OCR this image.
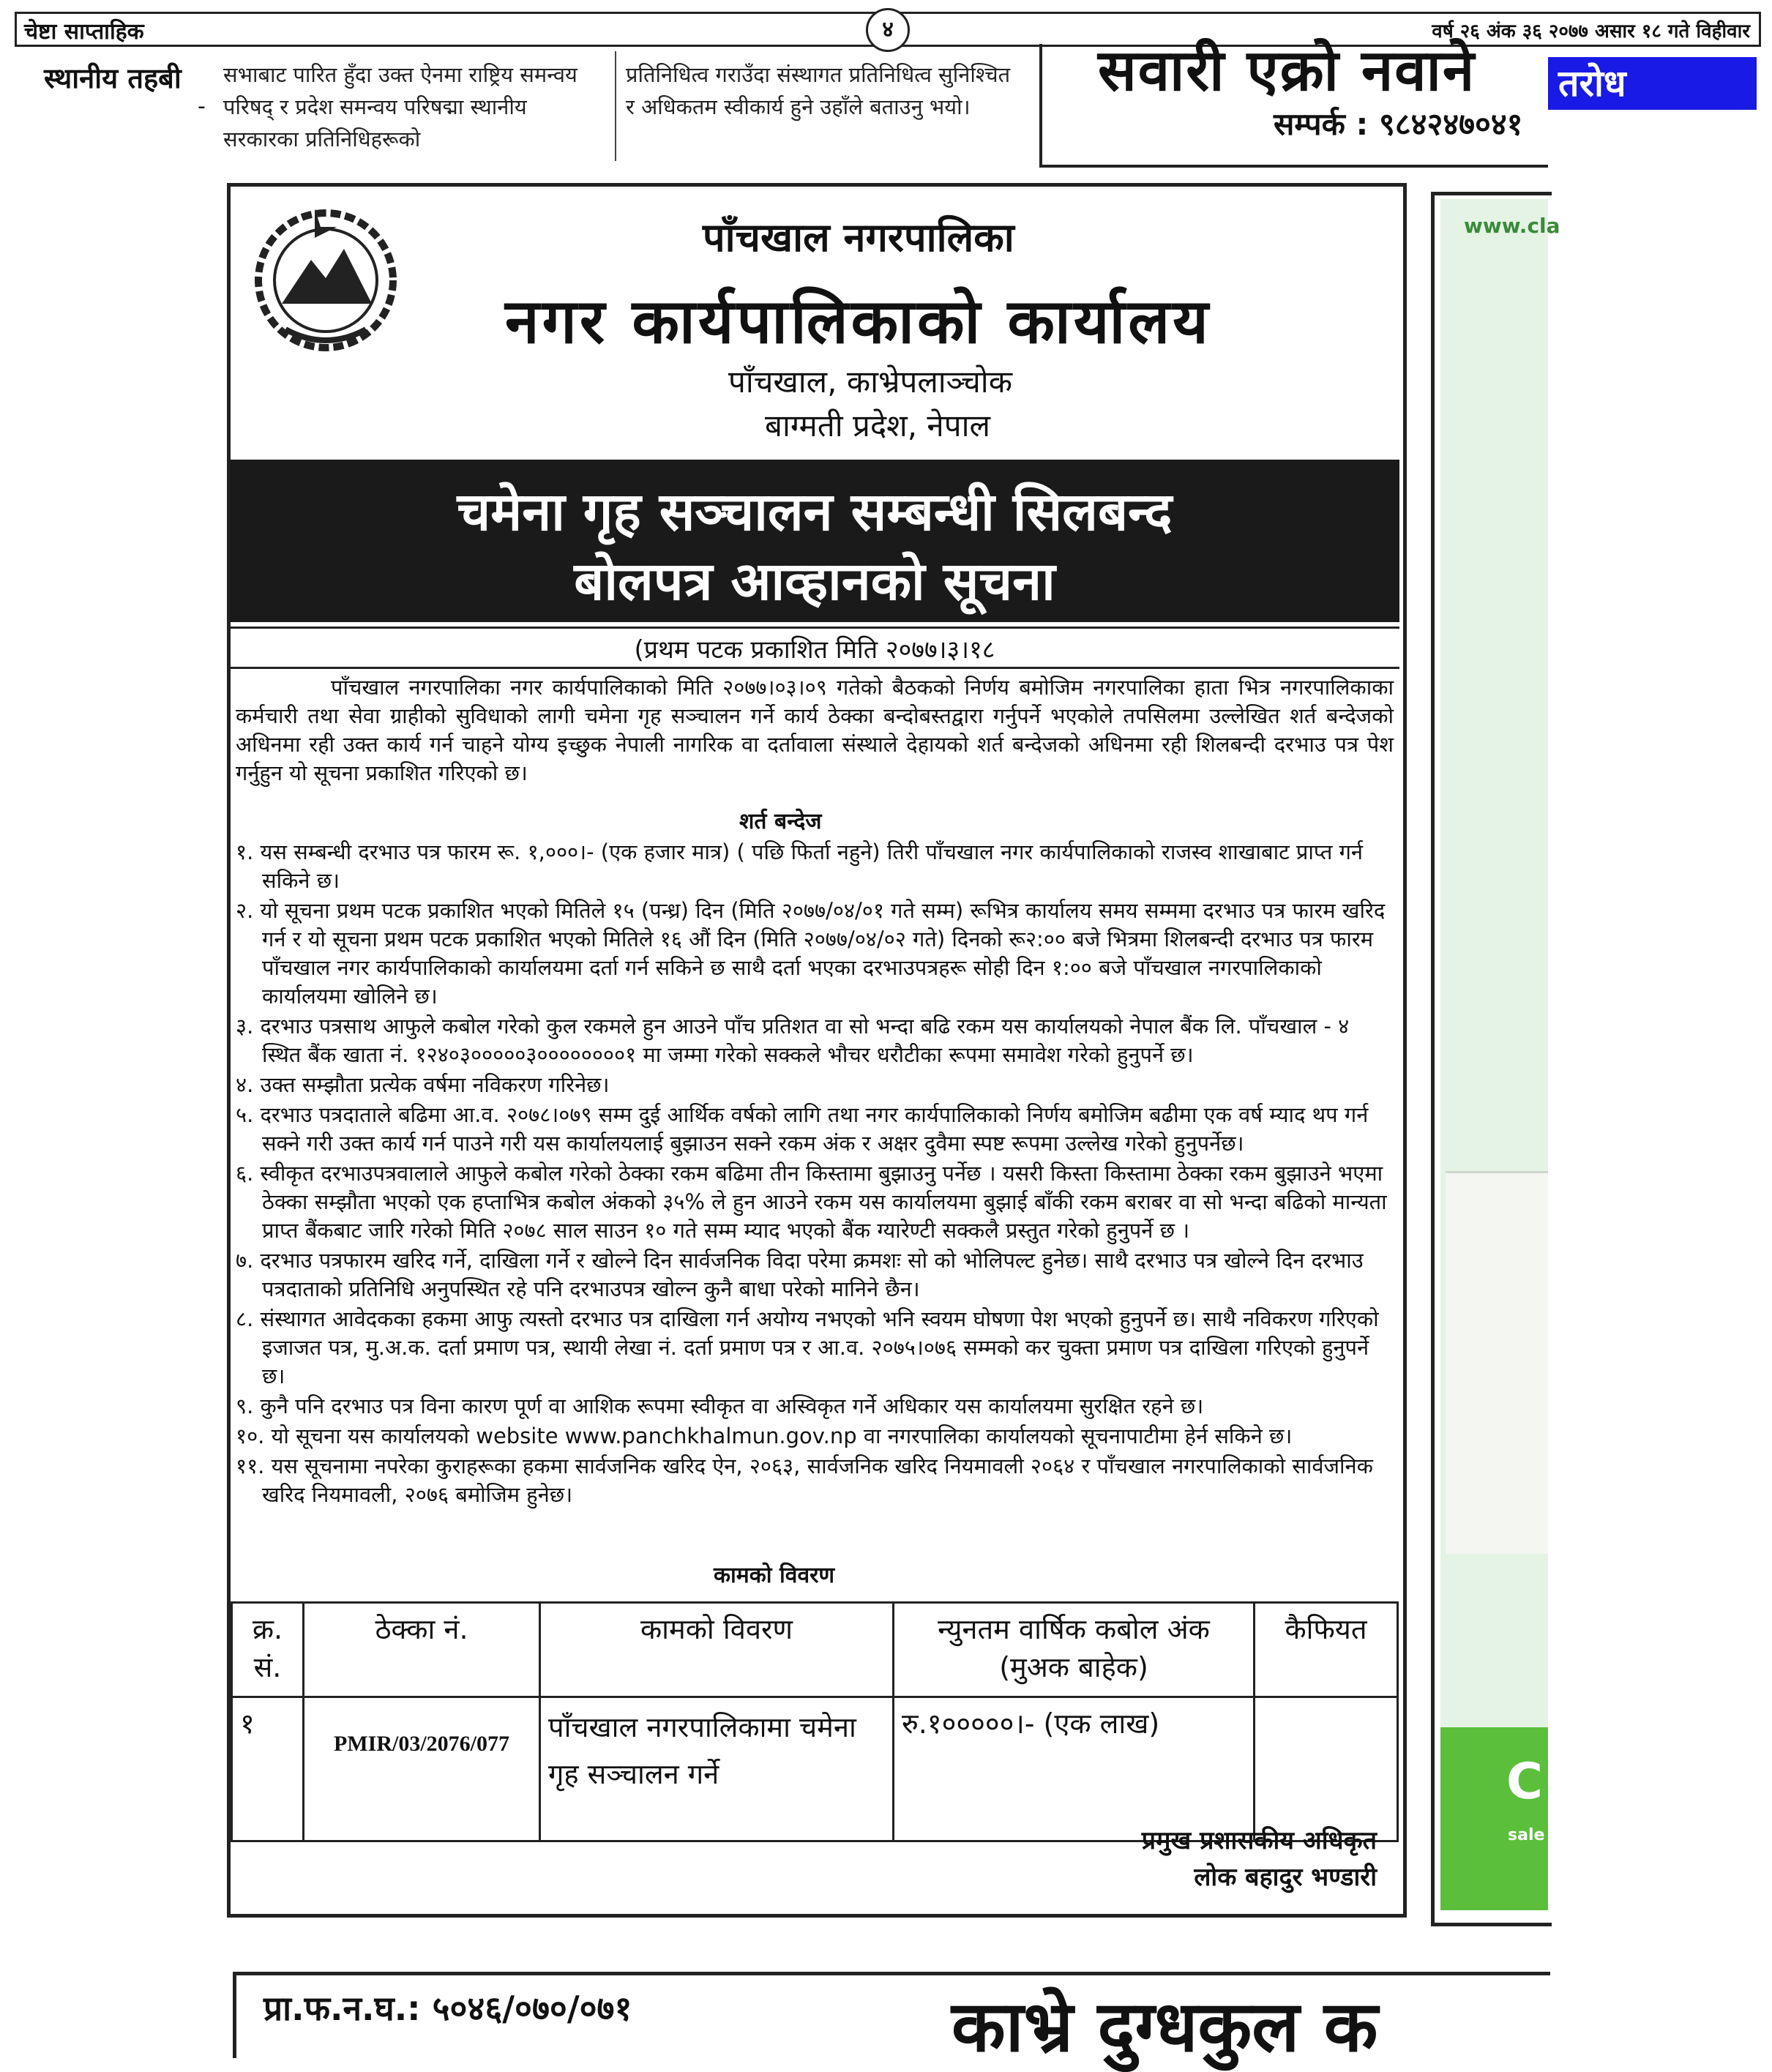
चेष्टा साप्ताहिक	४	वर्ष २६ अंक ३६ २०७७ असार १८ गते विहीवार
स्थानीय तहबी
-
सभाबाट पारित हुँदा उक्त ऐनमा राष्ट्रिय समन्वय परिषद् र प्रदेश समन्वय परिषद्मा स्थानीय सरकारका प्रतिनिधिहरूको
प्रतिनिधित्व गराउँदा संस्थागत प्रतिनिधित्व सुनिश्चित र अधिकतम स्वीकार्य हुने उहाँले बताउनु भयो।
सवारी एक्रो नवाने
सम्पर्क : ९८४२४७०४१
तरोध
पाँचखाल नगरपालिका
नगर कार्यपालिकाको कार्यालय
पाँचखाल, काभ्रेपलाञ्चोक
बाग्मती प्रदेश, नेपाल
चमेना गृह सञ्चालन सम्बन्धी सिलबन्द
बोलपत्र आव्हानको सूचना
(प्रथम पटक प्रकाशित मिति २०७७।३।१८

पाँचखाल नगरपालिका नगर कार्यपालिकाको मिति २०७७।०३।०९ गतेको बैठकको निर्णय बमोजिम नगरपालिका हाता भित्र नगरपालिकाका कर्मचारी तथा सेवा ग्राहीको सुविधाको लागी चमेना गृह सञ्चालन गर्ने कार्य ठेक्का बन्दोबस्तद्वारा गर्नुपर्ने भएकोले तपसिलमा उल्लेखित शर्त बन्देजको अधिनमा रही उक्त कार्य गर्न चाहने योग्य इच्छुक नेपाली नागरिक वा दर्तावाला संस्थाले देहायको शर्त बन्देजको अधिनमा रही शिलबन्दी दरभाउ पत्र पेश गर्नुहुन यो सूचना प्रकाशित गरिएको छ।

शर्त बन्देज
१. यस सम्बन्धी दरभाउ पत्र फारम रू. १,०००।- (एक हजार मात्र) ( पछि फिर्ता नहुने) तिरी पाँचखाल नगर कार्यपालिकाको राजस्व शाखाबाट प्राप्त गर्न सकिने छ।
२. यो सूचना प्रथम पटक प्रकाशित भएको मितिले १५ (पन्ध्र) दिन (मिति २०७७/०४/०१ गते सम्म) रूभित्र कार्यालय समय सम्ममा दरभाउ पत्र फारम खरिद गर्न र यो सूचना प्रथम पटक प्रकाशित भएको मितिले १६ औं दिन (मिति २०७७/०४/०२ गते) दिनको रू२:०० बजे भित्रमा शिलबन्दी दरभाउ पत्र फारम पाँचखाल नगर कार्यपालिकाको कार्यालयमा दर्ता गर्न सकिने छ साथै दर्ता भएका दरभाउपत्रहरू सोही दिन १:०० बजे पाँचखाल नगरपालिकाको कार्यालयमा खोलिने छ।
३. दरभाउ पत्रसाथ आफुले कबोल गरेको कुल रकमले हुन आउने पाँच प्रतिशत वा सो भन्दा बढि रकम यस कार्यालयको नेपाल बैंक लि. पाँचखाल - ४ स्थित बैंक खाता नं. १२४०३०००००३००००००००१ मा जम्मा गरेको सक्कले भौचर धरौटीका रूपमा समावेश गरेको हुनुपर्ने छ।
४. उक्त सम्झौता प्रत्येक वर्षमा नविकरण गरिनेछ।
५. दरभाउ पत्रदाताले बढिमा आ.व. २०७८।०७९ सम्म दुई आर्थिक वर्षको लागि तथा नगर कार्यपालिकाको निर्णय बमोजिम बढीमा एक वर्ष म्याद थप गर्न सक्ने गरी उक्त कार्य गर्न पाउने गरी यस कार्यालयलाई बुझाउन सक्ने रकम अंक र अक्षर दुवैमा स्पष्ट रूपमा उल्लेख गरेको हुनुपर्नेछ।
६. स्वीकृत दरभाउपत्रवालाले आफुले कबोल गरेको ठेक्का रकम बढिमा तीन किस्तामा बुझाउनु पर्नेछ । यसरी किस्ता किस्तामा ठेक्का रकम बुझाउने भएमा ठेक्का सम्झौता भएको एक हप्ताभित्र कबोल अंकको ३५% ले हुन आउने रकम यस कार्यालयमा बुझाई बाँकी रकम बराबर वा सो भन्दा बढिको मान्यता प्राप्त बैंकबाट जारि गरेको मिति २०७८ साल साउन १० गते सम्म म्याद भएको बैंक ग्यारेण्टी सक्कलै प्रस्तुत गरेको हुनुपर्ने छ ।
७. दरभाउ पत्रफारम खरिद गर्ने, दाखिला गर्ने र खोल्ने दिन सार्वजनिक विदा परेमा क्रमशः सो को भोलिपल्ट हुनेछ। साथै दरभाउ पत्र खोल्ने दिन दरभाउ पत्रदाताको प्रतिनिधि अनुपस्थित रहे पनि दरभाउपत्र खोल्न कुनै बाधा परेको मानिने छैन।
८. संस्थागत आवेदकका हकमा आफु त्यस्तो दरभाउ पत्र दाखिला गर्न अयोग्य नभएको भनि स्वयम घोषणा पेश भएको हुनुपर्ने छ। साथै नविकरण गरिएको इजाजत पत्र, मु.अ.क. दर्ता प्रमाण पत्र, स्थायी लेखा नं. दर्ता प्रमाण पत्र र आ.व. २०७५।०७६ सम्मको कर चुक्ता प्रमाण पत्र दाखिला गरिएको हुनुपर्ने छ।
९. कुनै पनि दरभाउ पत्र विना कारण पूर्ण वा आशिक रूपमा स्वीकृत वा अस्विकृत गर्ने अधिकार यस कार्यालयमा सुरक्षित रहने छ।
१०. यो सूचना यस कार्यालयको website www.panchkhalmun.gov.np वा नगरपालिका कार्यालयको सूचनापाटीमा हेर्न सकिने छ।
११. यस सूचनामा नपरेका कुराहरूका हकमा सार्वजनिक खरिद ऐन, २०६३, सार्वजनिक खरिद नियमावली २०६४ र पाँचखाल नगरपालिकाको सार्वजनिक खरिद नियमावली, २०७६ बमोजिम हुनेछ।
कामको विवरण
क्र. सं.	ठेक्का नं.	कामको विवरण	न्युनतम वार्षिक कबोल अंक (मुअक बाहेक)	कैफियत
१	PMIR/03/2076/077	पाँचखाल नगरपालिकामा चमेना गृह सञ्चालन गर्ने	रु.१०००००।- (एक लाख)	
प्रमुख प्रशासकीय अधिकृत
लोक बहादुर भण्डारी
www.cla
C
sale
प्रा.फ.न.घ.: ५०४६/०७०/०७१	काभ्रे दुग्धकुल क
